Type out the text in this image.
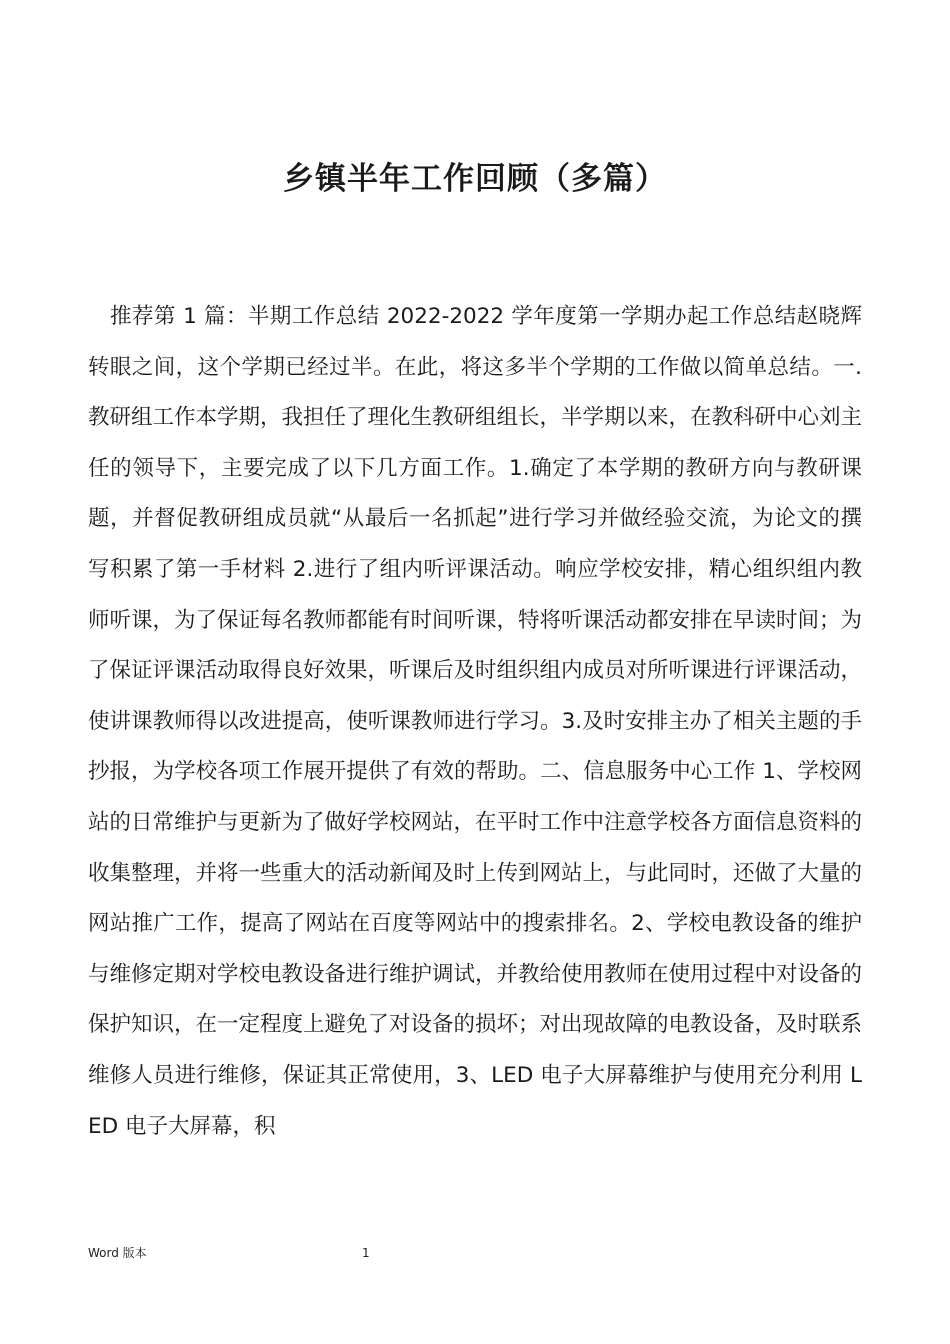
乡镇半年工作回顾（多篇）

推荐第 1 篇：半期工作总结 2022-2022 学年度第一学期办起工作总结赵晓辉转眼之间，这个学期已经过半。在此，将这多半个学期的工作做以简单总结。一.教研组工作本学期，我担任了理化生教研组组长，半学期以来，在教科研中心刘主任的领导下，主要完成了以下几方面工作。1.确定了本学期的教研方向与教研课题，并督促教研组成员就“从最后一名抓起”进行学习并做经验交流，为论文的撰写积累了第一手材料 2.进行了组内听评课活动。响应学校安排，精心组织组内教师听课，为了保证每名教师都能有时间听课，特将听课活动都安排在早读时间；为了保证评课活动取得良好效果，听课后及时组织组内成员对所听课进行评课活动，使讲课教师得以改进提高，使听课教师进行学习。3.及时安排主办了相关主题的手抄报，为学校各项工作展开提供了有效的帮助。二、信息服务中心工作 1、学校网站的日常维护与更新为了做好学校网站，在平时工作中注意学校各方面信息资料的收集整理，并将一些重大的活动新闻及时上传到网站上，与此同时，还做了大量的网站推广工作，提高了网站在百度等网站中的搜索排名。2、学校电教设备的维护与维修定期对学校电教设备进行维护调试，并教给使用教师在使用过程中对设备的保护知识，在一定程度上避免了对设备的损坏；对出现故障的电教设备，及时联系维修人员进行维修，保证其正常使用，3、LED 电子大屏幕维护与使用充分利用 LED 电子大屏幕，积

Word 版本	1
